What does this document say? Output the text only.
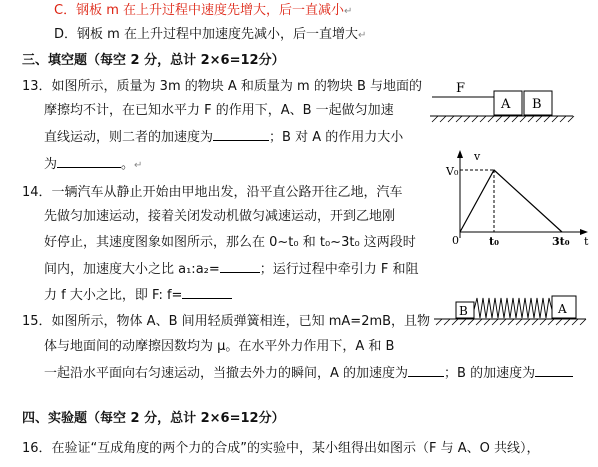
C．钢板 m 在上升过程中速度先增大，后一直减小↵
D．钢板 m 在上升过程中加速度先减小，后一直增大↵
三、填空题（每空 2 分，总计 2×6=12分）
13．如图所示，质量为 3m 的物块 A 和质量为 m 的物块 B 与地面的
摩擦均不计，在已知水平力 F 的作用下，A、B 一起做匀加速
直线运动，则二者的加速度为	；B 对 A 的作用力大小
为	。↵
14．一辆汽车从静止开始由甲地出发，沿平直公路开往乙地，汽车
先做匀加速运动，接着关闭发动机做匀减速运动，开到乙地刚
好停止，其速度图象如图所示，那么在 0~t₀ 和 t₀~3t₀ 这两段时
间内，加速度大小之比 a₁:a₂=	；运行过程中牵引力 F 和阻
力 f 大小之比，即 F: f=
15．如图所示，物体 A、B 间用轻质弹簧相连，已知 mA=2mB，且物
体与地面间的动摩擦因数均为 μ。在水平外力作用下，A 和 B
一起沿水平面向右匀速运动，当撤去外力的瞬间，A 的加速度为	；B 的加速度为
四、实验题（每空 2 分，总计 2×6=12分）
16．在验证“互成角度的两个力的合成”的实验中，某小组得出如图示（F 与 A、O 共线），
F
A B
v
V₀
0	t₀	3t₀ t
B	A
